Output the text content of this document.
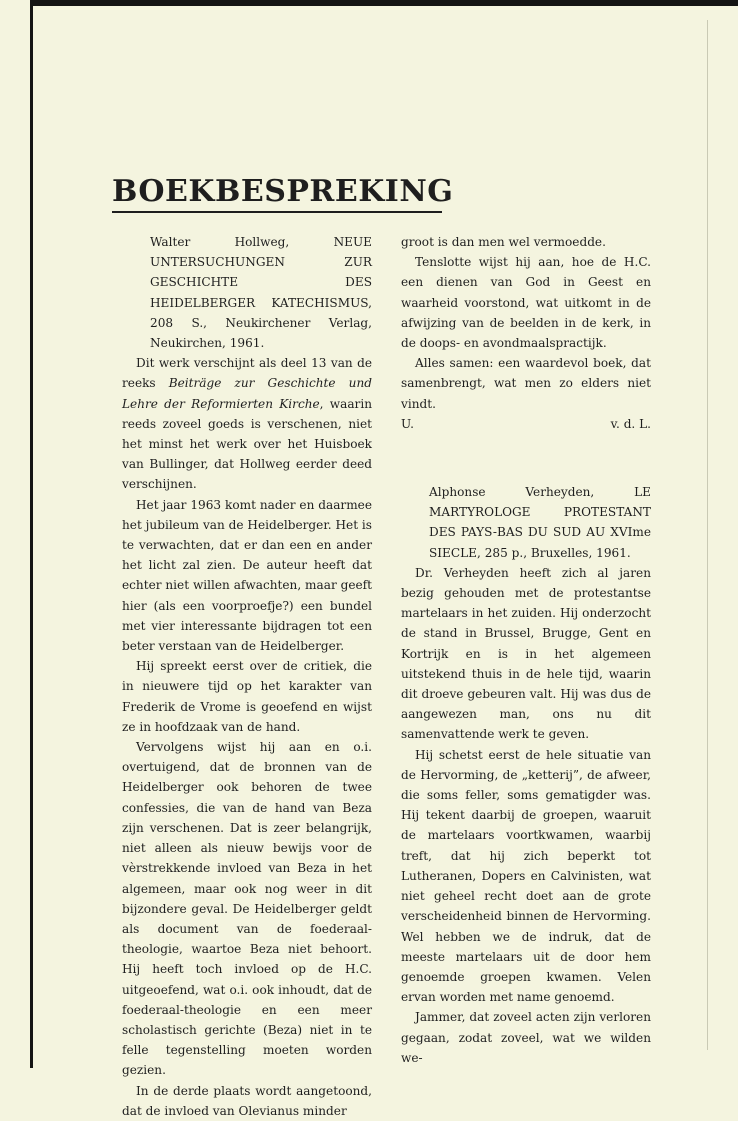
BOEKBESPREKING

Walter Hollweg,	NEUE UNTERSUCHUNGEN ZUR GESCHICHTE DES HEIDELBERGER KATECHISMUS, 208 S., Neukirchener Verlag, Neukirchen, 1961.

Dit werk verschijnt als deel 13 van de reeks Beiträge zur Geschichte und Lehre der Reformierten Kirche, waarin reeds zoveel goeds is verschenen, niet het minst het werk over het Huisboek van Bullinger, dat Hollweg eerder deed verschijnen.

Het jaar 1963 komt nader en daarmee het jubileum van de Heidelberger. Het is te verwachten, dat er dan een en ander het licht zal zien. De auteur heeft dat echter niet willen afwachten, maar geeft hier (als een voorproefje?) een bundel met vier interessante bijdragen tot een beter verstaan van de Heidelberger.

Hij spreekt eerst over de critiek, die in nieuwere tijd op het karakter van Frederik de Vrome is geoefend en wijst ze in hoofdzaak van de hand.

Vervolgens wijst hij aan en o.i. overtuigend, dat de bronnen van de Heidelberger ook behoren de twee confessies, die van de hand van Beza zijn verschenen. Dat is zeer belangrijk, niet alleen als nieuw bewijs voor de vèrstrekkende invloed van Beza in het algemeen, maar ook nog weer in dit bijzondere geval. De Heidelberger geldt als document van de foederaal-theologie, waartoe Beza niet behoort. Hij heeft toch invloed op de H.C. uitgeoefend, wat o.i. ook inhoudt, dat de foederaal-theologie en een meer scholastisch gerichte (Beza) niet in te felle tegenstelling moeten worden gezien.

In de derde plaats wordt aangetoond, dat de invloed van Olevianus minder

groot is dan men wel vermoedde.

Tenslotte wijst hij aan, hoe de H.C. een dienen van God in Geest en waarheid voorstond, wat uitkomt in de afwijzing van de beelden in de kerk, in de doops- en avondmaalspractijk.

Alles samen: een waardevol boek, dat samenbrengt, wat men zo elders niet vindt.

U.	v. d. L.

Alphonse Verheyden,	LE MARTYROLOGE PROTESTANT DES PAYS-BAS DU SUD AU XVIme SIECLE, 285 p., Bruxelles, 1961.

Dr. Verheyden heeft zich al jaren bezig gehouden met de protestantse martelaars in het zuiden. Hij onderzocht de stand in Brussel, Brugge, Gent en Kortrijk en is in het algemeen uitstekend thuis in de hele tijd, waarin dit droeve gebeuren valt. Hij was dus de aangewezen man, ons nu dit samenvattende werk te geven.

Hij schetst eerst de hele situatie van de Hervorming, de „ketterij”, de afweer, die soms feller, soms gematigder was. Hij tekent daarbij de groepen, waaruit de martelaars voortkwamen, waarbij treft, dat hij zich beperkt tot Lutheranen, Dopers en Calvinisten, wat niet geheel recht doet aan de grote verscheidenheid binnen de Hervorming. Wel hebben we de indruk, dat de meeste martelaars uit de door hem genoemde groepen kwamen. Velen ervan worden met name genoemd.

Jammer, dat zoveel acten zijn verloren gegaan, zodat zoveel, wat we wilden we-
